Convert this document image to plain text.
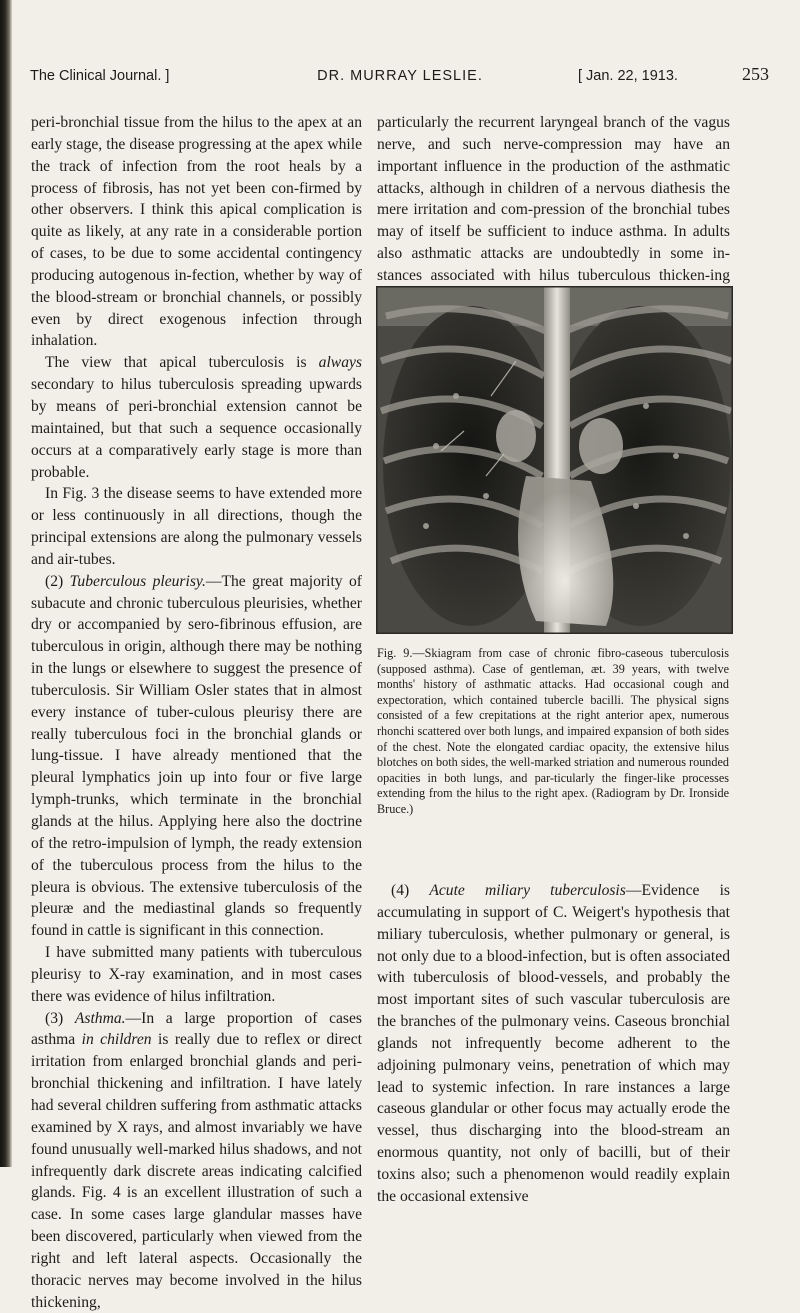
The Clinical Journal. ]	DR. MURRAY LESLIE.	[ Jan. 22, 1913.	253

peri-bronchial tissue from the hilus to the apex at an early stage, the disease progressing at the apex while the track of infection from the root heals by a process of fibrosis, has not yet been con-firmed by other observers. I think this apical complication is quite as likely, at any rate in a considerable portion of cases, to be due to some accidental contingency producing autogenous in-fection, whether by way of the blood-stream or bronchial channels, or possibly even by direct exogenous infection through inhalation.

The view that apical tuberculosis is always secondary to hilus tuberculosis spreading upwards by means of peri-bronchial extension cannot be maintained, but that such a sequence occasionally occurs at a comparatively early stage is more than probable.

In Fig. 3 the disease seems to have extended more or less continuously in all directions, though the principal extensions are along the pulmonary vessels and air-tubes.

(2) Tuberculous pleurisy.—The great majority of subacute and chronic tuberculous pleurisies, whether dry or accompanied by sero-fibrinous effusion, are tuberculous in origin, although there may be nothing in the lungs or elsewhere to suggest the presence of tuberculosis. Sir William Osler states that in almost every instance of tuber-culous pleurisy there are really tuberculous foci in the bronchial glands or lung-tissue. I have already mentioned that the pleural lymphatics join up into four or five large lymph-trunks, which terminate in the bronchial glands at the hilus. Applying here also the doctrine of the retro-impulsion of lymph, the ready extension of the tuberculous process from the hilus to the pleura is obvious. The extensive tuberculosis of the pleuræ and the mediastinal glands so frequently found in cattle is significant in this connection.

I have submitted many patients with tuberculous pleurisy to X-ray examination, and in most cases there was evidence of hilus infiltration.

(3) Asthma.—In a large proportion of cases asthma in children is really due to reflex or direct irritation from enlarged bronchial glands and peri-bronchial thickening and infiltration. I have lately had several children suffering from asthmatic attacks examined by X rays, and almost invariably we have found unusually well-marked hilus shadows, and not infrequently dark discrete areas indicating calcified glands. Fig. 4 is an excellent illustration of such a case. In some cases large glandular masses have been discovered, particularly when viewed from the right and left lateral aspects. Occasionally the thoracic nerves may become involved in the hilus thickening,

particularly the recurrent laryngeal branch of the vagus nerve, and such nerve-compression may have an important influence in the production of the asthmatic attacks, although in children of a nervous diathesis the mere irritation and com-pression of the bronchial tubes may of itself be sufficient to induce asthma. In adults also asthmatic attacks are undoubtedly in some in-stances associated with hilus tuberculous thicken-ing

Fig. 9.—Skiagram from case of chronic fibro-caseous tuberculosis (supposed asthma). Case of gentleman, æt. 39 years, with twelve months' history of asthmatic attacks. Had occasional cough and expectoration, which contained tubercle bacilli. The physical signs consisted of a few crepitations at the right anterior apex, numerous rhonchi scattered over both lungs, and impaired expansion of both sides of the chest. Note the elongated cardiac opacity, the extensive hilus blotches on both sides, the well-marked striation and numerous rounded opacities in both lungs, and par-ticularly the finger-like processes extending from the hilus to the right apex. (Radiogram by Dr. Ironside Bruce.)

(4) Acute miliary tuberculosis—Evidence is accumulating in support of C. Weigert's hypothesis that miliary tuberculosis, whether pulmonary or general, is not only due to a blood-infection, but is often associated with tuberculosis of blood-vessels, and probably the most important sites of such vascular tuberculosis are the branches of the pulmonary veins. Caseous bronchial glands not infrequently become adherent to the adjoining pulmonary veins, penetration of which may lead to systemic infection. In rare instances a large caseous glandular or other focus may actually erode the vessel, thus discharging into the blood-stream an enormous quantity, not only of bacilli, but of their toxins also; such a phenomenon would readily explain the occasional extensive
